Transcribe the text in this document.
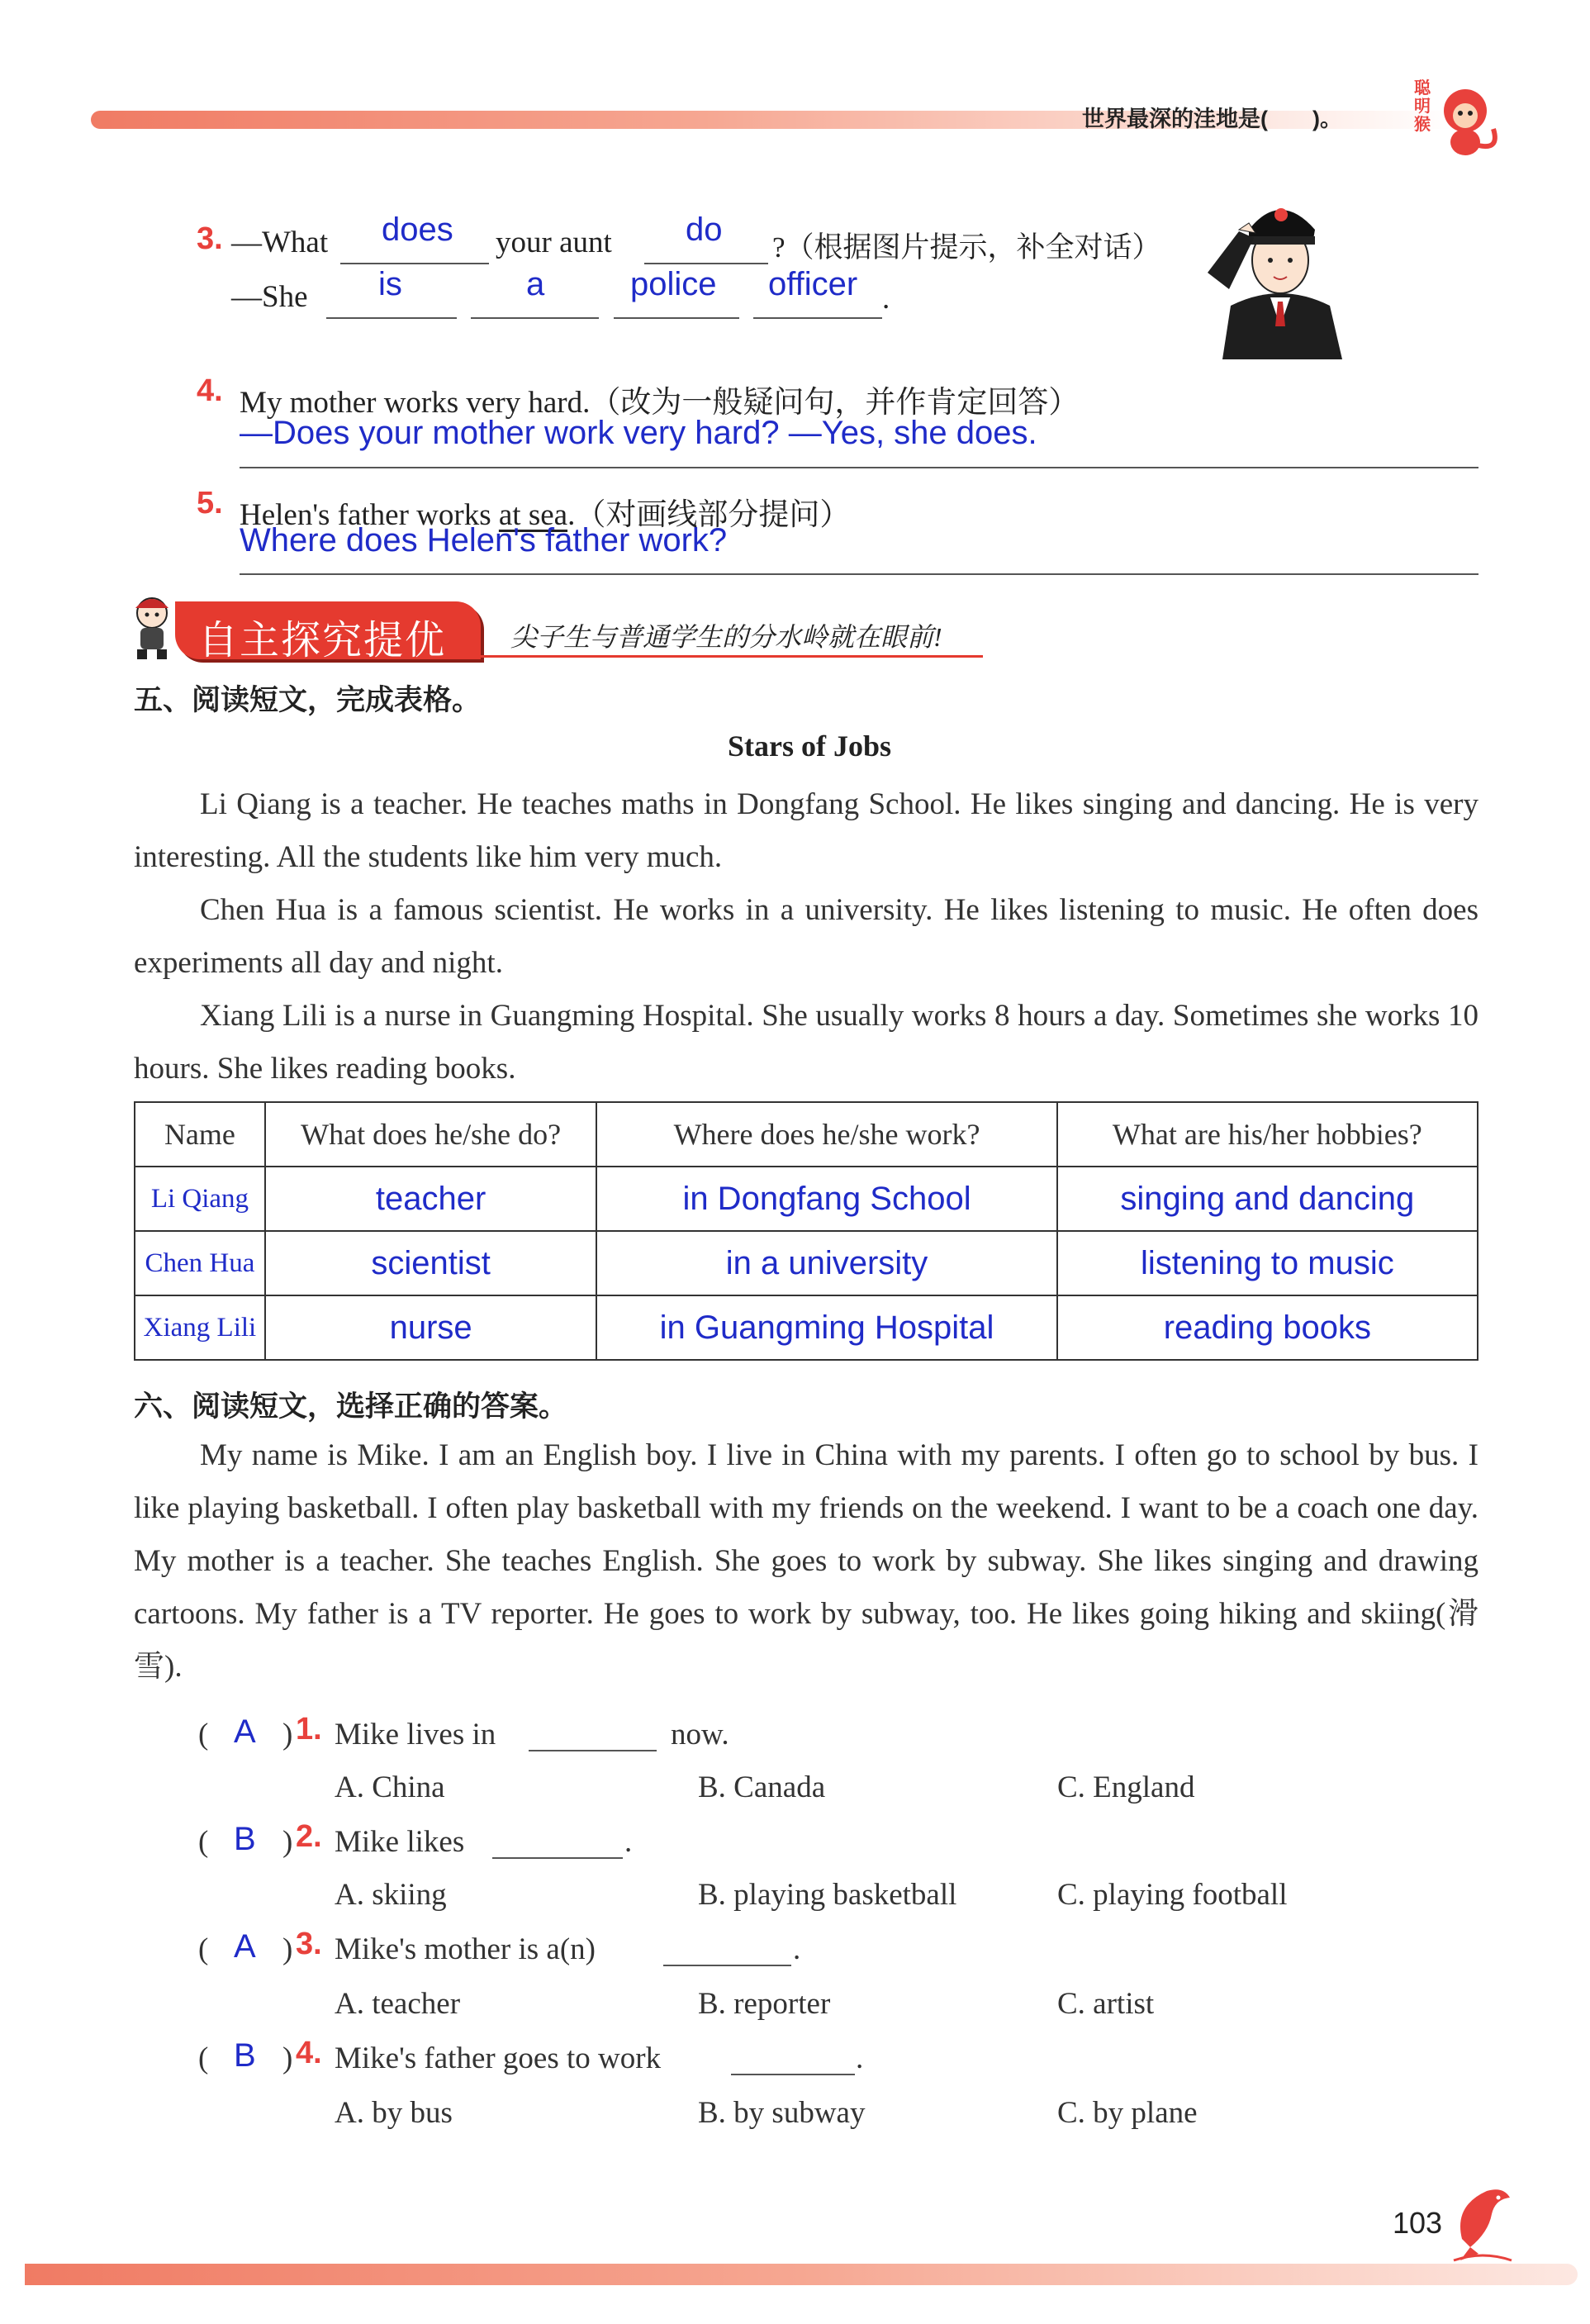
世界最深的洼地是(　　)。
聪明猴
3. —What does your aunt do ?（根据图片提示，补全对话）
—She is	a	police officer .
4. My mother works very hard.（改为一般疑问句，并作肯定回答）
—Does your mother work very hard? —Yes, she does.
5. Helen's father works at sea.（对画线部分提问）
Where does Helen's father work?
自主探究提优 尖子生与普通学生的分水岭就在眼前!
五、阅读短文，完成表格。
Stars of Jobs

Li Qiang is a teacher. He teaches maths in Dongfang School. He likes singing and dancing. He is very interesting. All the students like him very much.

Chen Hua is a famous scientist. He works in a university. He likes listening to music. He often does experiments all day and night.

Xiang Lili is a nurse in Guangming Hospital. She usually works 8 hours a day. Sometimes she works 10 hours. She likes reading books.

Name	What does he/she do?	Where does he/she work?	What are his/her hobbies?
Li Qiang	teacher	in Dongfang School	singing and dancing
Chen Hua	scientist	in a university	listening to music
Xiang Lili	nurse	in Guangming Hospital	reading books
六、阅读短文，选择正确的答案。

My name is Mike. I am an English boy. I live in China with my parents. I often go to school by bus. I like playing basketball. I often play basketball with my friends on the weekend. I want to be a coach one day. My mother is a teacher. She teaches English. She goes to work by subway. She likes singing and drawing cartoons. My father is a TV reporter. He goes to work by subway, too. He likes going hiking and skiing(滑雪).

( A ) 1. Mike lives in	now.
A. China	B. Canada	C. England
( B ) 2. Mike likes	.
A. skiing	B. playing basketball	C. playing football
( A ) 3. Mike's mother is a(n)	.
A. teacher	B. reporter	C. artist
( B ) 4. Mike's father goes to work	.
A. by bus	B. by subway	C. by plane
103
